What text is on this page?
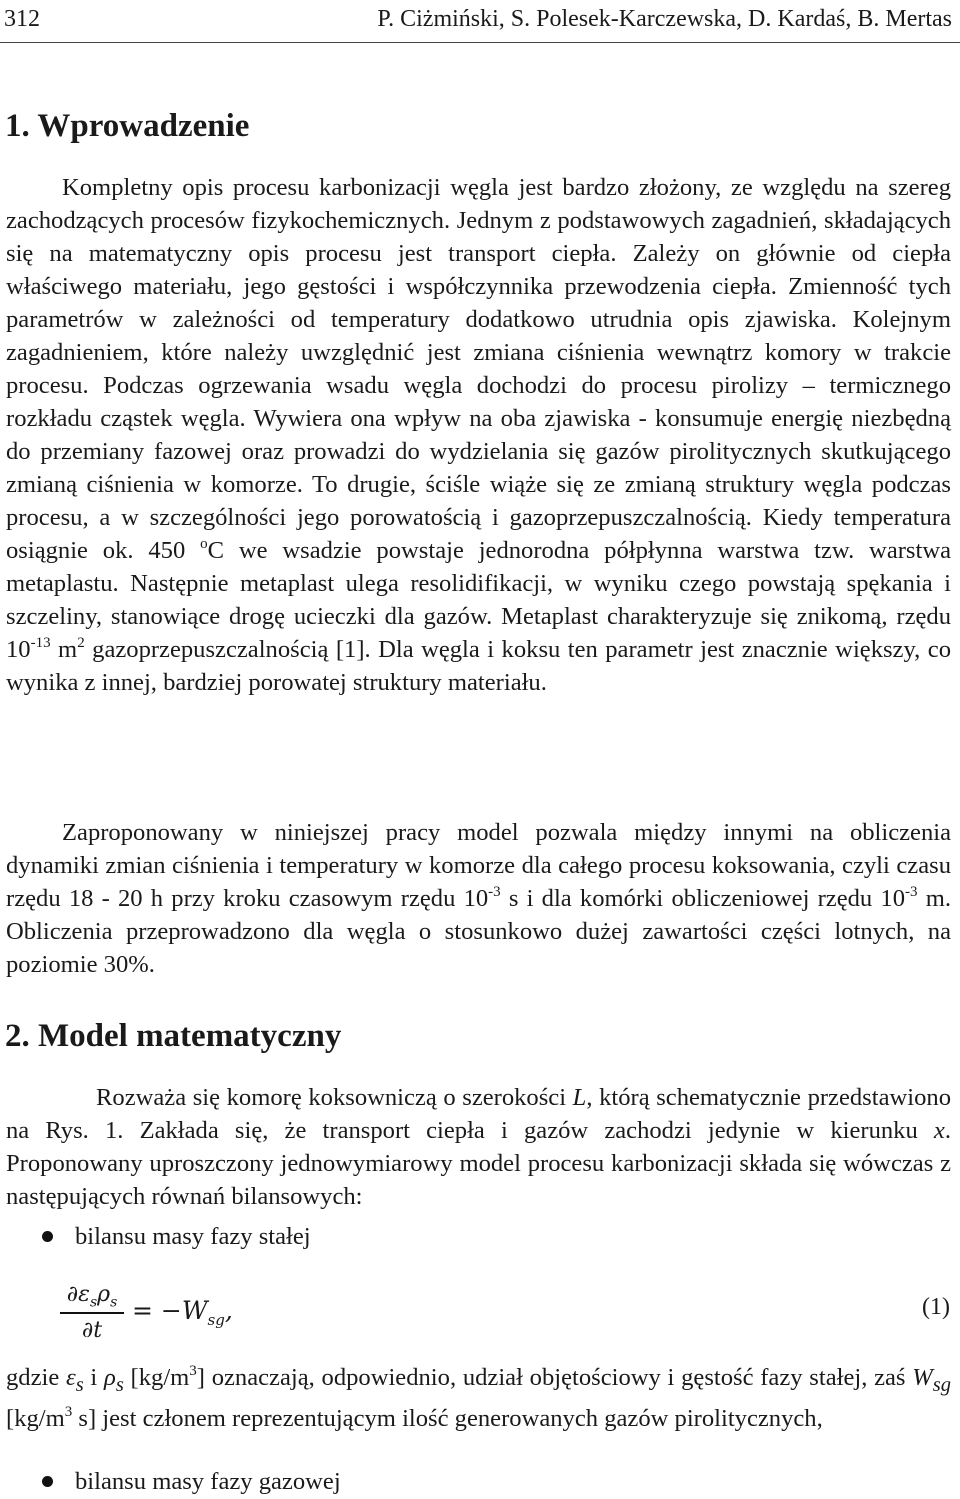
312	P. Ciżmiński, S. Polesek-Karczewska, D. Kardaś, B. Mertas
1. Wprowadzenie

Kompletny opis procesu karbonizacji węgla jest bardzo złożony, ze względu na szereg zachodzących procesów fizykochemicznych. Jednym z podstawowych zagadnień, składających się na matematyczny opis procesu jest transport ciepła. Zależy on głównie od ciepła właściwego materiału, jego gęstości i współczynnika przewodzenia ciepła. Zmienność tych parametrów w zależności od temperatury dodatkowo utrudnia opis zjawiska. Kolejnym zagadnieniem, które należy uwzględnić jest zmiana ciśnienia wewnątrz komory w trakcie procesu. Podczas ogrzewania wsadu węgla dochodzi do procesu pirolizy – termicznego rozkładu cząstek węgla. Wywiera ona wpływ na oba zjawiska - konsumuje energię niezbędną do przemiany fazowej oraz prowadzi do wydzielania się gazów pirolitycznych skutkującego zmianą ciśnienia w komorze. To drugie, ściśle wiąże się ze zmianą struktury węgla podczas procesu, a w szczególności jego porowatością i gazoprzepuszczalnością. Kiedy temperatura osiągnie ok. 450 $^o$C we wsadzie powstaje jednorodna półpłynna warstwa tzw. warstwa metaplastu. Następnie metaplast ulega resolidifikacji, w wyniku czego powstają spękania i szczeliny, stanowiące drogę ucieczki dla gazów. Metaplast charakteryzuje się znikomą, rzędu $10^{-13}$ $m^2$ gazoprzepuszczalnością [1]. Dla węgla i koksu ten parametr jest znacznie większy, co wynika z innej, bardziej porowatej struktury materiału.

Zaproponowany w niniejszej pracy model pozwala między innymi na obliczenia dynamiki zmian ciśnienia i temperatury w komorze dla całego procesu koksowania, czyli czasu rzędu 18 - 20 h przy kroku czasowym rzędu $10^{-3}$ s i dla komórki obliczeniowej rzędu $10^{-3}$ m. Obliczenia przeprowadzono dla węgla o stosunkowo dużej zawartości części lotnych, na poziomie 30%.

2. Model matematyczny

Rozważa się komorę koksowniczą o szerokości L, którą schematycznie przedstawiono na Rys. 1. Zakłada się, że transport ciepła i gazów zachodzi jedynie w kierunku x. Proponowany uproszczony jednowymiarowy model procesu karbonizacji składa się wówczas z następujących równań bilansowych:

bilansu masy fazy stałej
$\partial\varepsilon_s\rho_s$
∂t
= $-W_{sg}$,	(1)

gdzie $\varepsilon_s$ i $\rho_s$ $[kg/m^3]$ oznaczają, odpowiednio, udział objętościowy i gęstość fazy stałej, zaś $W_{sg}$ [$kg/m^3$ s] jest członem reprezentującym ilość generowanych gazów pirolitycznych,

bilansu masy fazy gazowej
